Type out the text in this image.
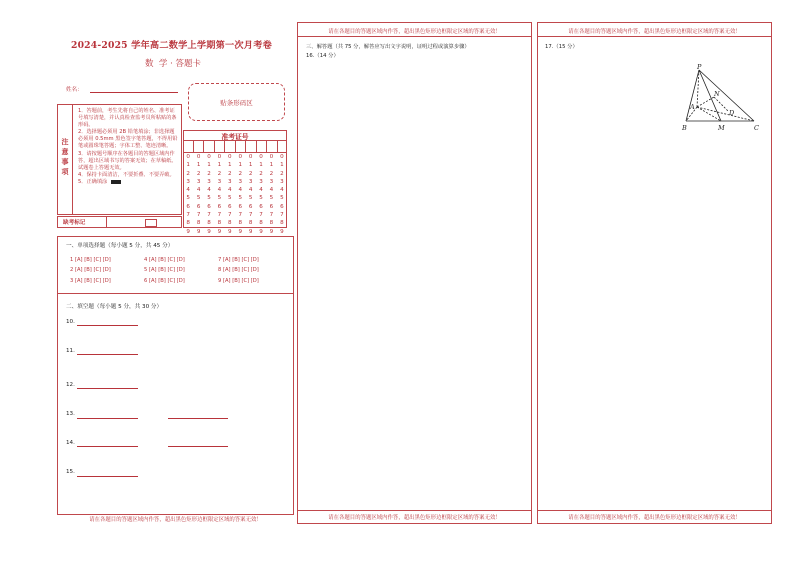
2024-2025 学年高二数学上学期第一次月考卷
数  学 · 答题卡
姓名：
贴条形码区
注意事项
1．答题前，考生先将自己的姓名、准考证号填写清楚，并认真检查监考员所粘贴的条形码。
2．选择题必须用 2B 铅笔填涂；非选择题必须用 0.5mm 黑色签字笔答题，不得用铅笔或圆珠笔答题；字体工整、笔迹清晰。
3．请按题号顺序在各题目的答题区域内作答，超出区域书写的答案无效；在草稿纸、试题卷上答题无效。
4．保持卡面清洁，不要折叠、不要弄破。
5．正确填涂
准考证号
0
1
2
3
4
5
6
7
8
9
0
1
2
3
4
5
6
7
8
9
0
1
2
3
4
5
6
7
8
9
0
1
2
3
4
5
6
7
8
9
0
1
2
3
4
5
6
7
8
9
0
1
2
3
4
5
6
7
8
9
0
1
2
3
4
5
6
7
8
9
0
1
2
3
4
5
6
7
8
9
0
1
2
3
4
5
6
7
8
9
0
1
2
3
4
5
6
7
8
9
缺考标记
一、单项选择题（每小题 5 分，共 45 分）
1 [A] [B] [C] [D]
2 [A] [B] [C] [D]
3 [A] [B] [C] [D]
4 [A] [B] [C] [D]
5 [A] [B] [C] [D]
6 [A] [B] [C] [D]
7 [A] [B] [C] [D]
8 [A] [B] [C] [D]
9 [A] [B] [C] [D]
二、填空题（每小题 5 分，共 30 分）
10.
11.
12.
13.
14.
15.
请在各题目的答题区域内作答，超出黑色矩形边框限定区域的答案无效！
请在各题目的答题区域内作答，超出黑色矩形边框限定区域的答案无效！
三、解答题（共 75 分，解答应写出文字说明，证明过程或演算步骤）
16.（14 分）
请在各题目的答题区域内作答，超出黑色矩形边框限定区域的答案无效！
请在各题目的答题区域内作答，超出黑色矩形边框限定区域的答案无效！
17.（15 分）
P
A
B	M	C
N
D
请在各题目的答题区域内作答，超出黑色矩形边框限定区域的答案无效！
